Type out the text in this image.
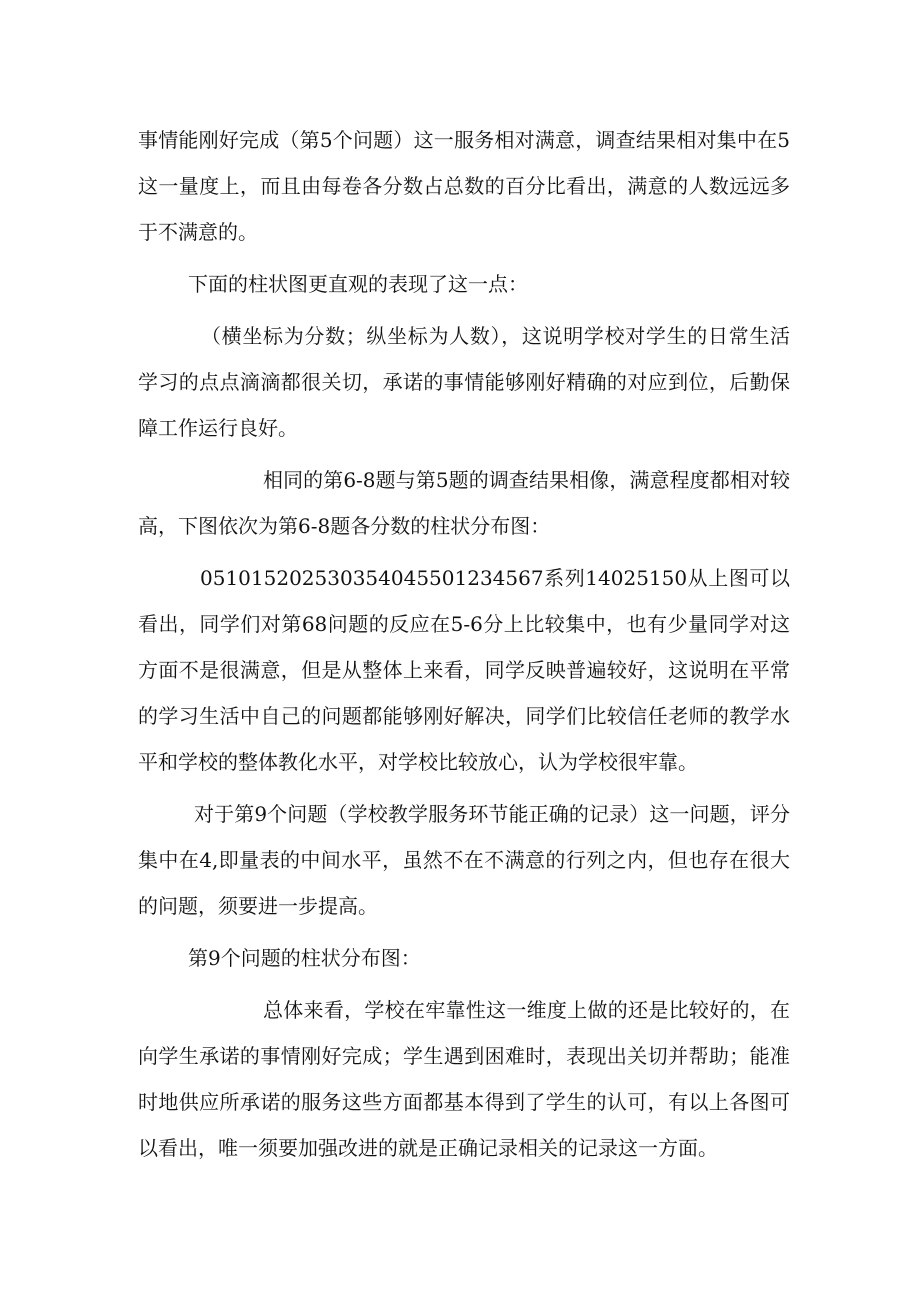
事情能刚好完成（第5个问题）这一服务相对满意，调查结果相对集中在5这一量度上，而且由每卷各分数占总数的百分比看出，满意的人数远远多于不满意的。

下面的柱状图更直观的表现了这一点：

（横坐标为分数；纵坐标为人数），这说明学校对学生的日常生活学习的点点滴滴都很关切，承诺的事情能够刚好精确的对应到位，后勤保障工作运行良好。

相同的第6-8题与第5题的调查结果相像，满意程度都相对较高，下图依次为第6-8题各分数的柱状分布图：

05101520253035404550123456​7系列14025150从上图可以看出，同学们对第68问题的反应在5-6分上比较集中，也有少量同学对这方面不是很满意，但是从整体上来看，同学反映普遍较好，这说明在平常的学习生活中自己的问题都能够刚好解决，同学们比较信任老师的教学水平和学校的整体教化水平，对学校比较放心，认为学校很牢靠。

对于第9个问题（学校教学服务环节能正确的记录）这一问题，评分集中在4,即量表的中间水平，虽然不在不满意的行列之内，但也存在很大的问题，须要进一步提高。

第9个问题的柱状分布图：

总体来看，学校在牢靠性这一维度上做的还是比较好的，在向学生承诺的事情刚好完成；学生遇到困难时，表现出关切并帮助；能准时地供应所承诺的服务这些方面都基本得到了学生的认可，有以上各图可以看出，唯一须要加强改进的就是正确记录相关的记录这一方面。
